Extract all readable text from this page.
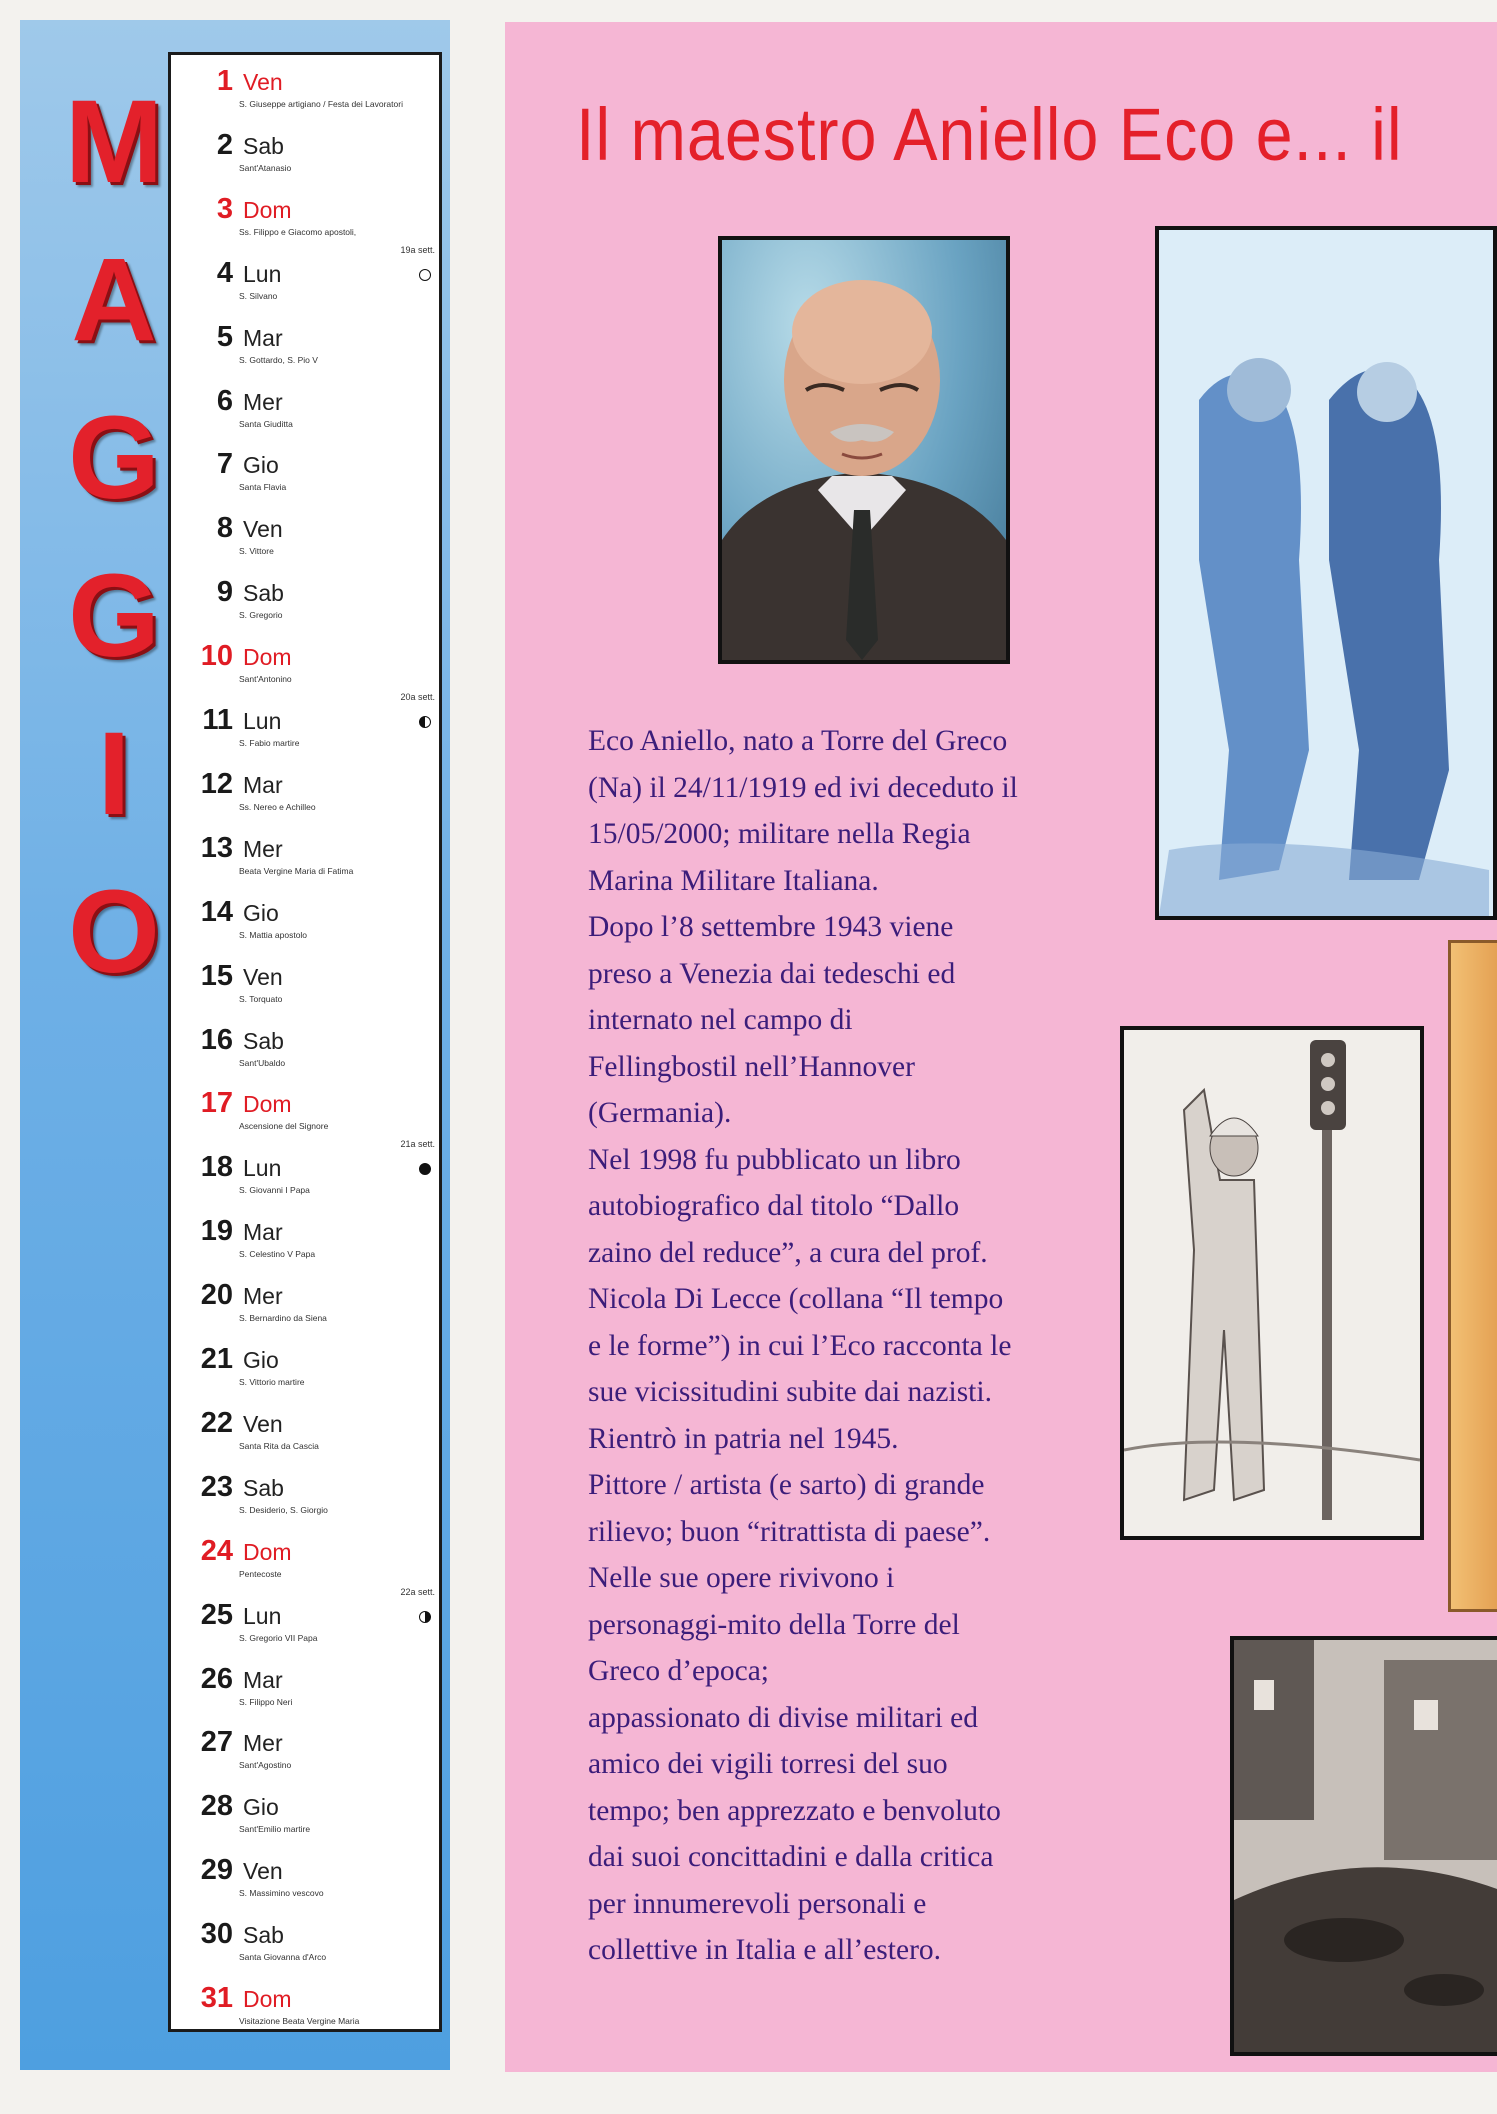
M
A
G
G
I
O
1 Ven
S. Giuseppe artigiano / Festa dei Lavoratori
2 Sab
Sant'Atanasio
3 Dom
Ss. Filippo e Giacomo apostoli,
4 Lun
S. Silvano
19a sett.
5 Mar
S. Gottardo, S. Pio V
6 Mer
Santa Giuditta
7 Gio
Santa Flavia
8 Ven
S. Vittore
9 Sab
S. Gregorio
10 Dom
Sant'Antonino
11 Lun
S. Fabio martire
20a sett.
12 Mar
Ss. Nereo e Achilleo
13 Mer
Beata Vergine Maria di Fatima
14 Gio
S. Mattia apostolo
15 Ven
S. Torquato
16 Sab
Sant'Ubaldo
17 Dom
Ascensione del Signore
18 Lun
S. Giovanni I Papa
21a sett.
19 Mar
S. Celestino V Papa
20 Mer
S. Bernardino da Siena
21 Gio
S. Vittorio martire
22 Ven
Santa Rita da Cascia
23 Sab
S. Desiderio, S. Giorgio
24 Dom
Pentecoste
25 Lun
S. Gregorio VII Papa
22a sett.
26 Mar
S. Filippo Neri
27 Mer
Sant'Agostino
28 Gio
Sant'Emilio martire
29 Ven
S. Massimino vescovo
30 Sab
Santa Giovanna d'Arco
31 Dom
Visitazione Beata Vergine Maria
Il maestro Aniello Eco e... il

Eco Aniello, nato a Torre del Greco

(Na) il 24/11/1919 ed ivi deceduto il

15/05/2000; militare nella Regia

Marina Militare Italiana.

Dopo l’8 settembre 1943 viene

preso a Venezia dai tedeschi ed

internato nel campo di

Fellingbostil nell’Hannover

(Germania).

Nel 1998 fu pubblicato un libro

autobiografico dal titolo “Dallo

zaino del reduce”, a cura del prof.

Nicola Di Lecce (collana “Il tempo

e le forme”) in cui l’Eco racconta le

sue vicissitudini subite dai nazisti.

Rientrò in patria nel 1945.

Pittore / artista (e sarto) di grande

rilievo; buon “ritrattista di paese”.

Nelle sue opere rivivono i

personaggi-mito della Torre del

Greco d’epoca;

appassionato di divise militari ed

amico dei vigili torresi del suo

tempo; ben apprezzato e benvoluto

dai suoi concittadini e dalla critica

per innumerevoli personali e

collettive in Italia e all’estero.
